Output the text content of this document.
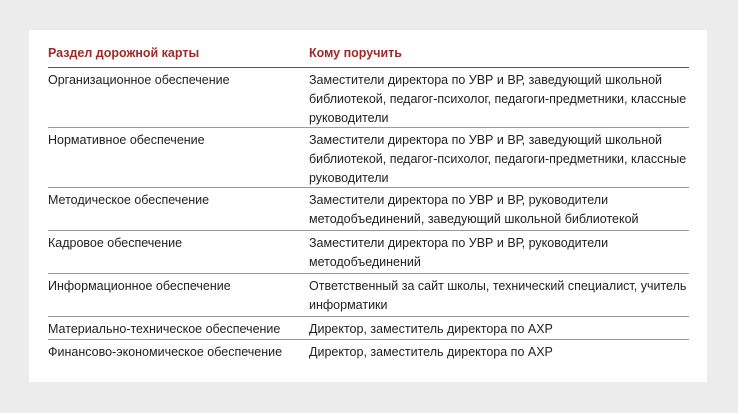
Раздел дорожной карты	Кому поручить
Организационное обеспечение	Заместители директора по УВР и ВР, заведующий школьной библиотекой, педагог-психолог, педагоги-предметники, классные руководители
Нормативное обеспечение	Заместители директора по УВР и ВР, заведующий школьной библиотекой, педагог-психолог, педагоги-предметники, классные руководители
Методическое обеспечение	Заместители директора по УВР и ВР, руководители методобъединений, заведующий школьной библиотекой
Кадровое обеспечение	Заместители директора по УВР и ВР, руководители методобъединений
Информационное обеспечение	Ответственный за сайт школы, технический специалист, учитель информатики
Материально-техническое обеспечение	Директор, заместитель директора по АХР
Финансово-экономическое обеспечение	Директор, заместитель директора по АХР
